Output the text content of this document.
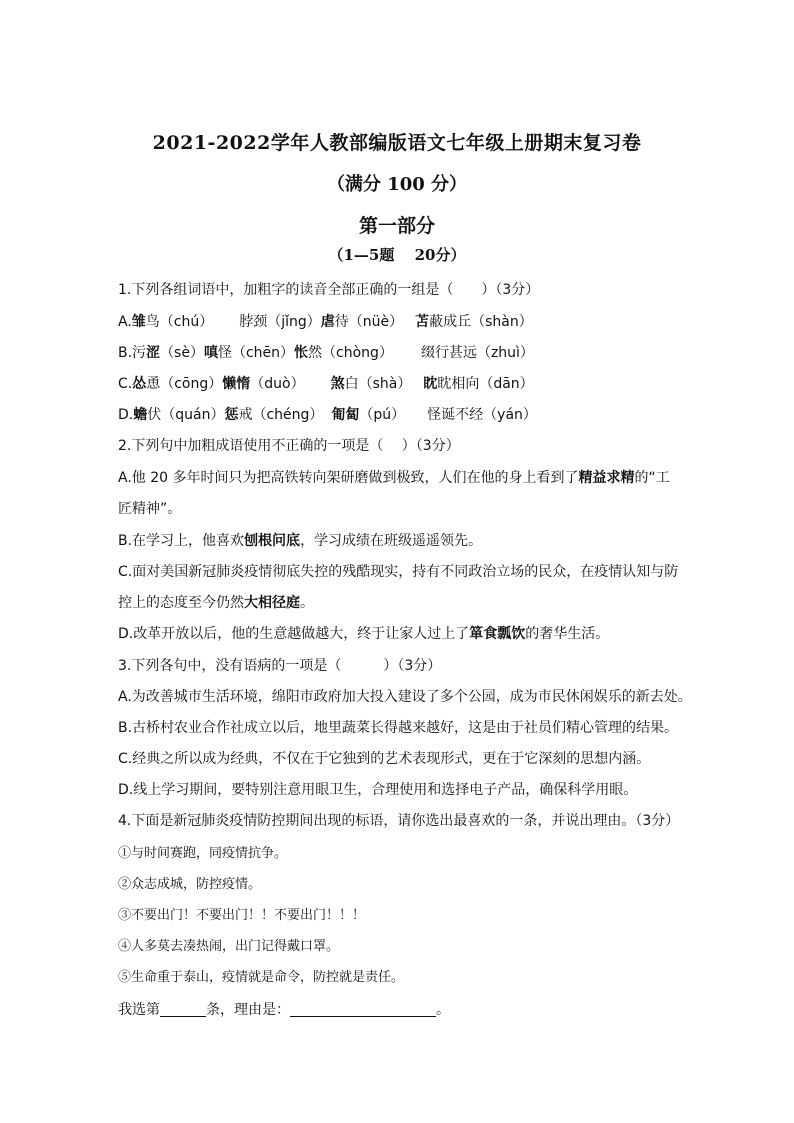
2021-2022学年人教部编版语文七年级上册期末复习卷
（满分 100 分）
第一部分
（1—5题　 20分）
1.下列各组词语中，加粗字的读音全部正确的一组是（　　）（3分）
A.雏鸟（chú） 脖颈（jǐng）虐待（nüè） 苫蔽成丘（shàn）
B.污涩（sè）嗔怪（chēn）怅然（chòng） 缀行甚远（zhuì）
C.怂恿（cōng）懒惰（duò） 煞白（shà） 眈眈相向（dān）
D.蟾伏（quán）惩戒（chéng） 匍匐（pú） 怪诞不经（yán）
2.下列句中加粗成语使用不正确的一项是（　 ）（3分）
A.他 20 多年时间只为把高铁转向架研磨做到极致，人们在他的身上看到了精益求精的“工
匠精神”。
B.在学习上，他喜欢刨根问底，学习成绩在班级遥遥领先。
C.面对美国新冠肺炎疫情彻底失控的残酷现实，持有不同政治立场的民众，在疫情认知与防
控上的态度至今仍然大相径庭。
D.改革开放以后，他的生意越做越大，终于让家人过上了箪食瓢饮的奢华生活。
3.下列各句中，没有语病的一项是（　　　）（3分）
A.为改善城市生活环境，绵阳市政府加大投入建设了多个公园，成为市民休闲娱乐的新去处。
B.古桥村农业合作社成立以后，地里蔬菜长得越来越好，这是由于社员们精心管理的结果。
C.经典之所以成为经典，不仅在于它独到的艺术表现形式，更在于它深刻的思想内涵。
D.线上学习期间，要特别注意用眼卫生，合理使用和选择电子产品，确保科学用眼。
4.下面是新冠肺炎疫情防控期间出现的标语，请你选出最喜欢的一条，并说出理由。（3分）
①与时间赛跑，同疫情抗争。
②众志成城，防控疫情。
③不要出门！不要出门！！不要出门！！！
④人多莫去凑热闹，出门记得戴口罩。
⑤生命重于泰山，疫情就是命令，防控就是责任。
我选第	条，理由是：	。
